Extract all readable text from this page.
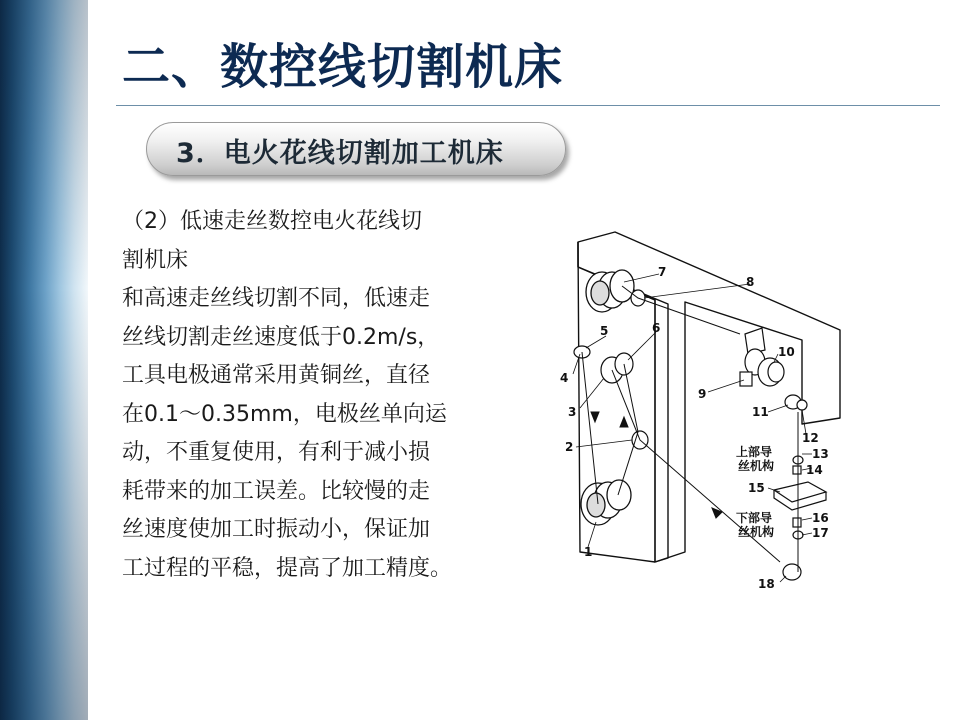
二、数控线切割机床
3．电火花线切割加工机床
（2）低速走丝数控电火花线切
割机床
和高速走丝线切割不同，低速走
丝线切割走丝速度低于0.2m/s，
工具电极通常采用黄铜丝，直径
在0.1～0.35mm，电极丝单向运
动，不重复使用，有利于减小损
耗带来的加工误差。比较慢的走
丝速度使加工时振动小，保证加
工过程的平稳，提高了加工精度。
1
2
3
4
5	6
7
8
9
10
11
12
13
14
15
16
17
18
上部导
丝机构
下部导
丝机构
